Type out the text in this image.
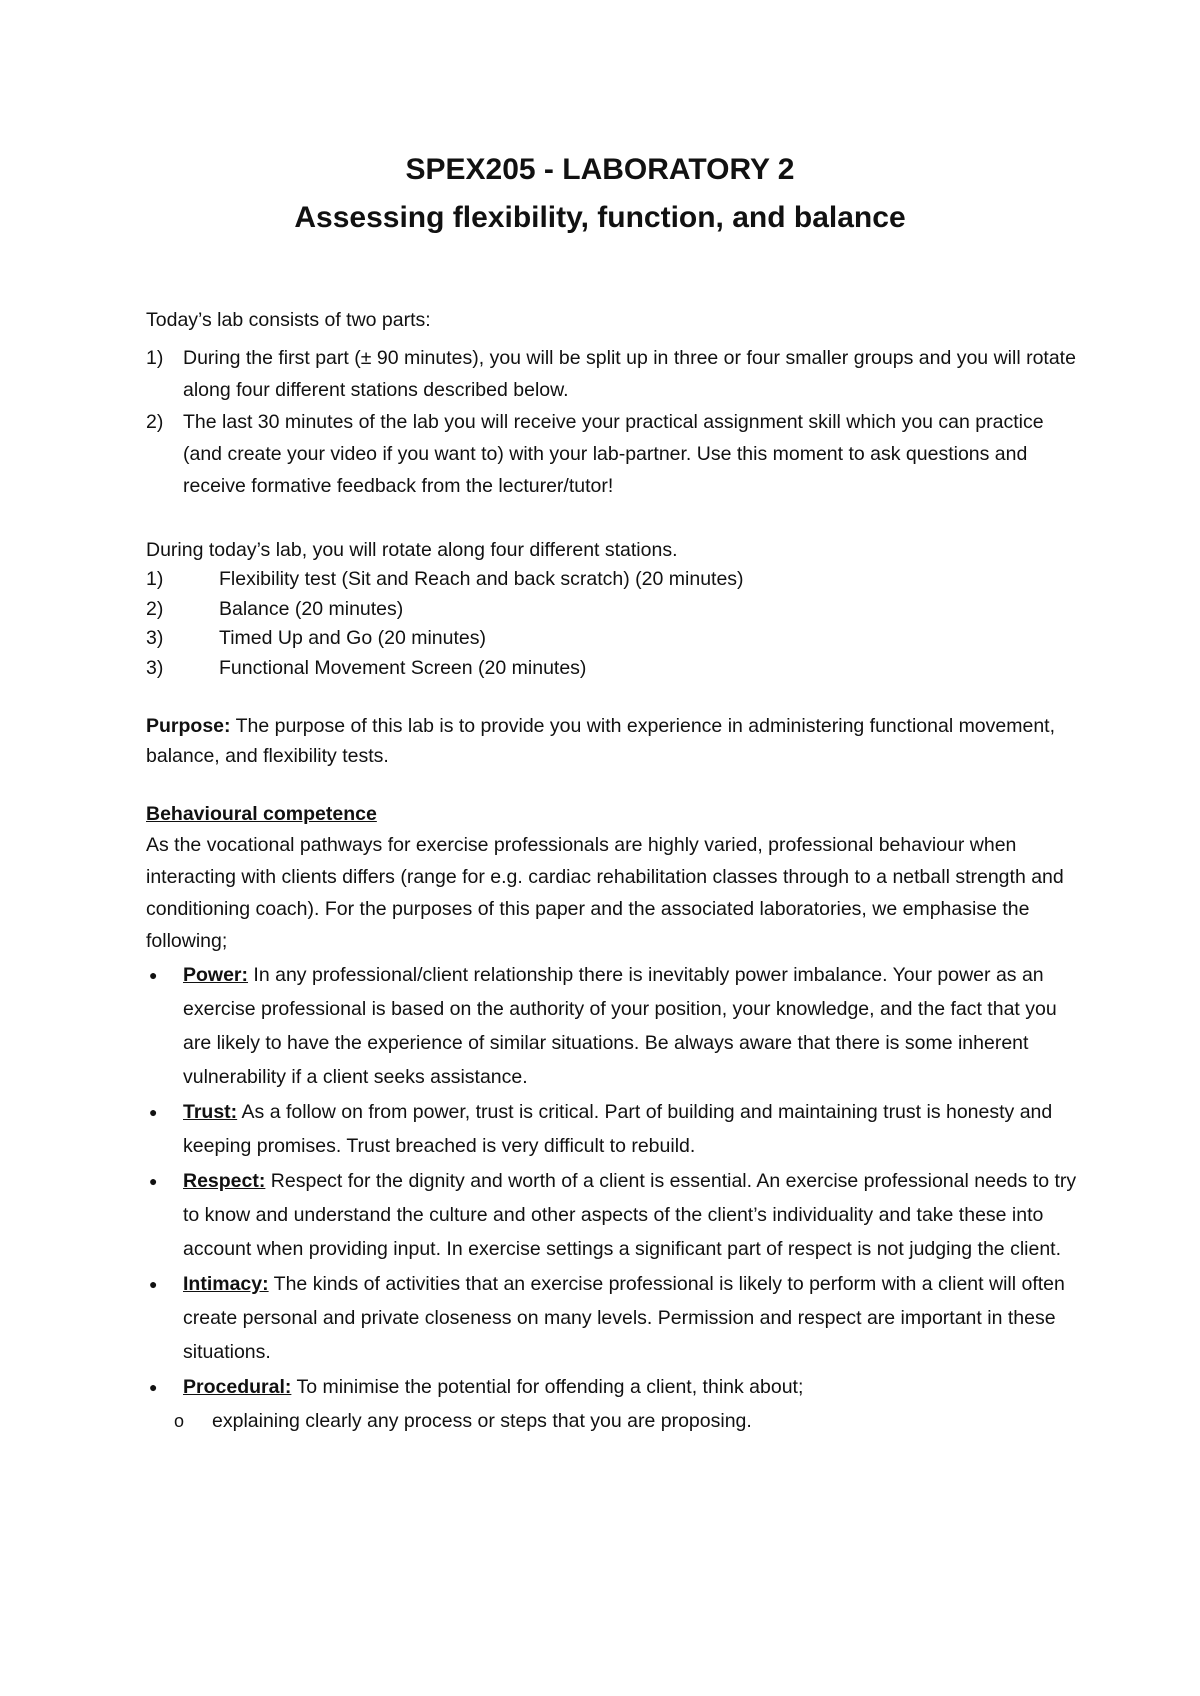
SPEX205 - LABORATORY 2
Assessing flexibility, function, and balance

Today’s lab consists of two parts:

1) During the first part (± 90 minutes), you will be split up in three or four smaller groups and you will rotate along four different stations described below.
2) The last 30 minutes of the lab you will receive your practical assignment skill which you can practice (and create your video if you want to) with your lab-partner. Use this moment to ask questions and receive formative feedback from the lecturer/tutor!

During today’s lab, you will rotate along four different stations.

1)	Flexibility test (Sit and Reach and back scratch) (20 minutes)
2)	Balance (20 minutes)
3)	Timed Up and Go (20 minutes)
3)	Functional Movement Screen (20 minutes)

Purpose: The purpose of this lab is to provide you with experience in administering functional movement, balance, and flexibility tests.

Behavioural competence

As the vocational pathways for exercise professionals are highly varied, professional behaviour when interacting with clients differs (range for e.g. cardiac rehabilitation classes through to a netball strength and conditioning coach). For the purposes of this paper and the associated laboratories, we emphasise the following;

● Power: In any professional/client relationship there is inevitably power imbalance. Your power as an exercise professional is based on the authority of your position, your knowledge, and the fact that you are likely to have the experience of similar situations. Be always aware that there is some inherent vulnerability if a client seeks assistance.
● Trust: As a follow on from power, trust is critical. Part of building and maintaining trust is honesty and keeping promises. Trust breached is very difficult to rebuild.
● Respect: Respect for the dignity and worth of a client is essential. An exercise professional needs to try to know and understand the culture and other aspects of the client’s individuality and take these into account when providing input. In exercise settings a significant part of respect is not judging the client.
● Intimacy: The kinds of activities that an exercise professional is likely to perform with a client will often create personal and private closeness on many levels. Permission and respect are important in these situations.
● Procedural: To minimise the potential for offending a client, think about;
o explaining clearly any process or steps that you are proposing.
